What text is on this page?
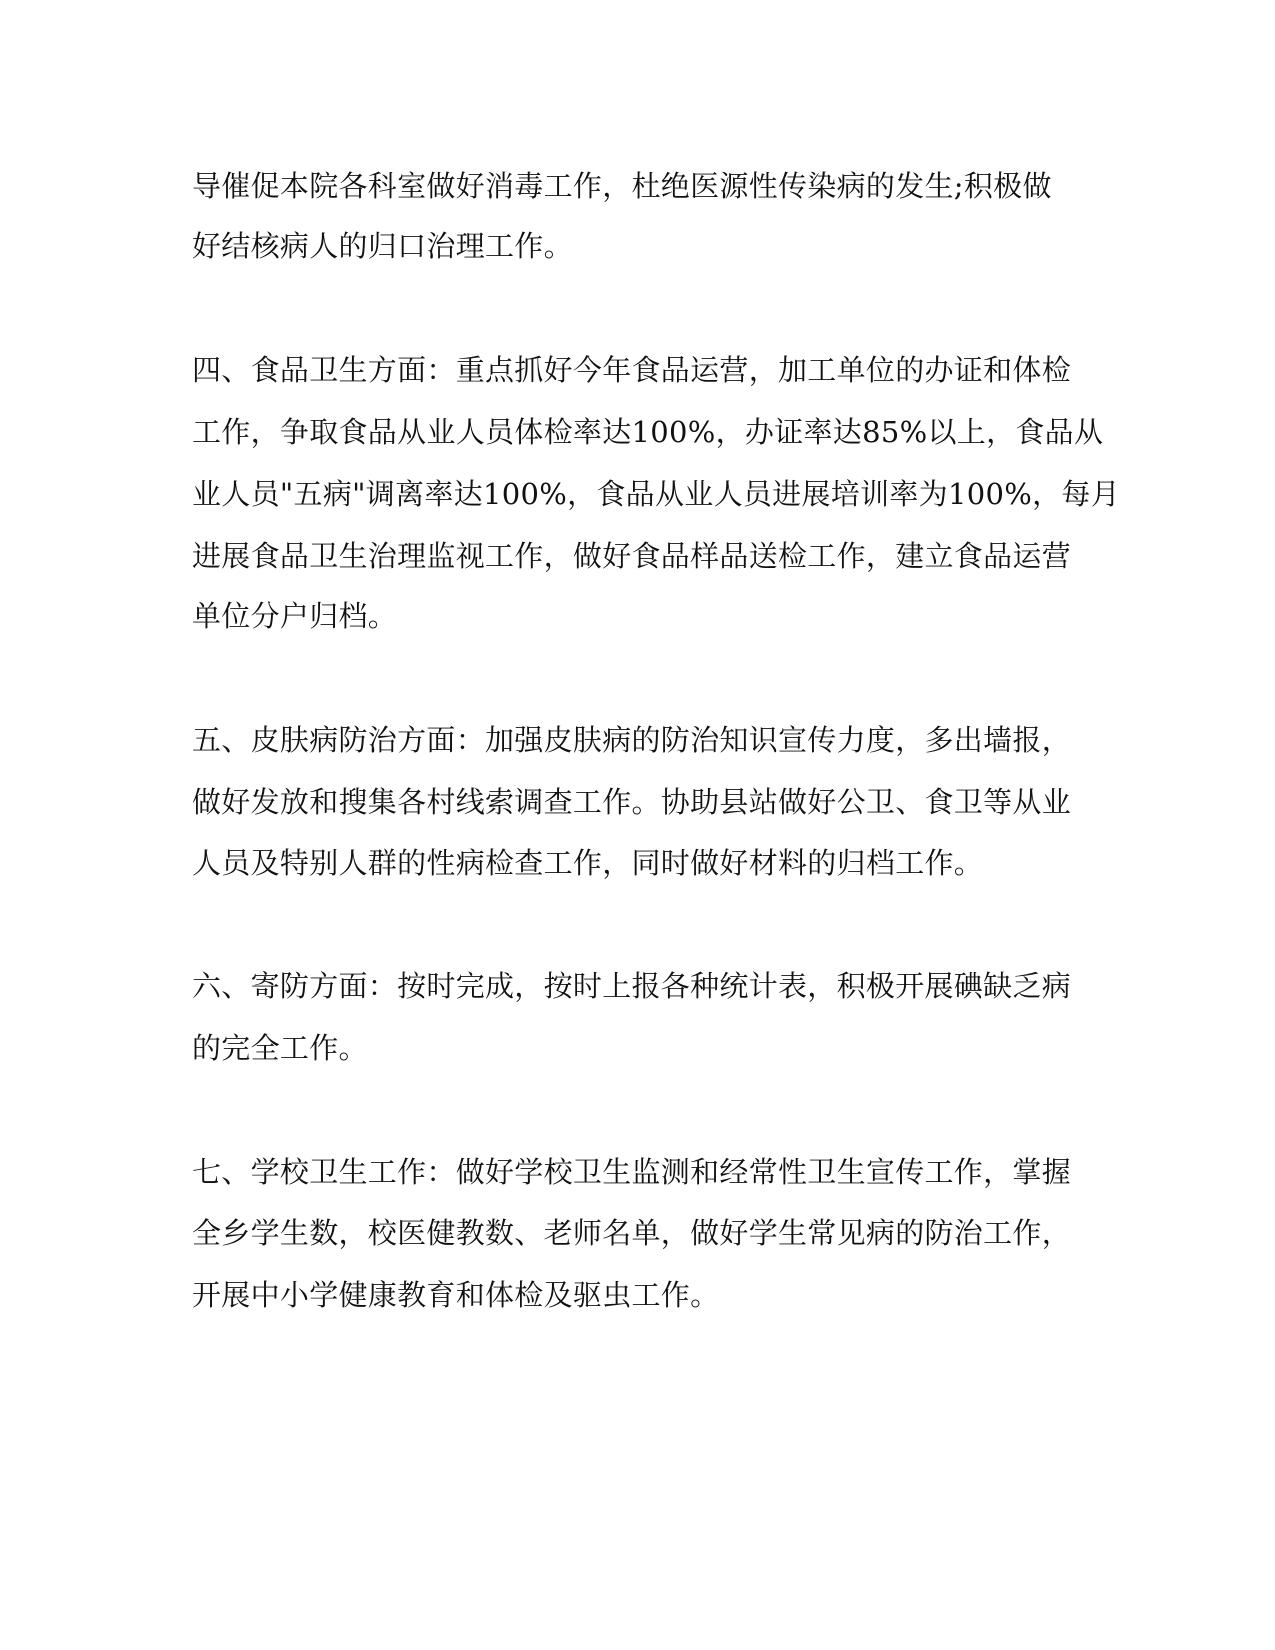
导催促本院各科室做好消毒工作，杜绝医源性传染病的发生;积极做
好结核病人的归口治理工作。
四、食品卫生方面：重点抓好今年食品运营，加工单位的办证和体检
工作，争取食品从业人员体检率达100%，办证率达85%以上，食品从
业人员"五病"调离率达100%，食品从业人员进展培训率为100%，每月
进展食品卫生治理监视工作，做好食品样品送检工作，建立食品运营
单位分户归档。
五、皮肤病防治方面：加强皮肤病的防治知识宣传力度，多出墙报，
做好发放和搜集各村线索调查工作。协助县站做好公卫、食卫等从业
人员及特别人群的性病检查工作，同时做好材料的归档工作。
六、寄防方面：按时完成，按时上报各种统计表，积极开展碘缺乏病
的完全工作。
七、学校卫生工作：做好学校卫生监测和经常性卫生宣传工作，掌握
全乡学生数，校医健教数、老师名单，做好学生常见病的防治工作，
开展中小学健康教育和体检及驱虫工作。
